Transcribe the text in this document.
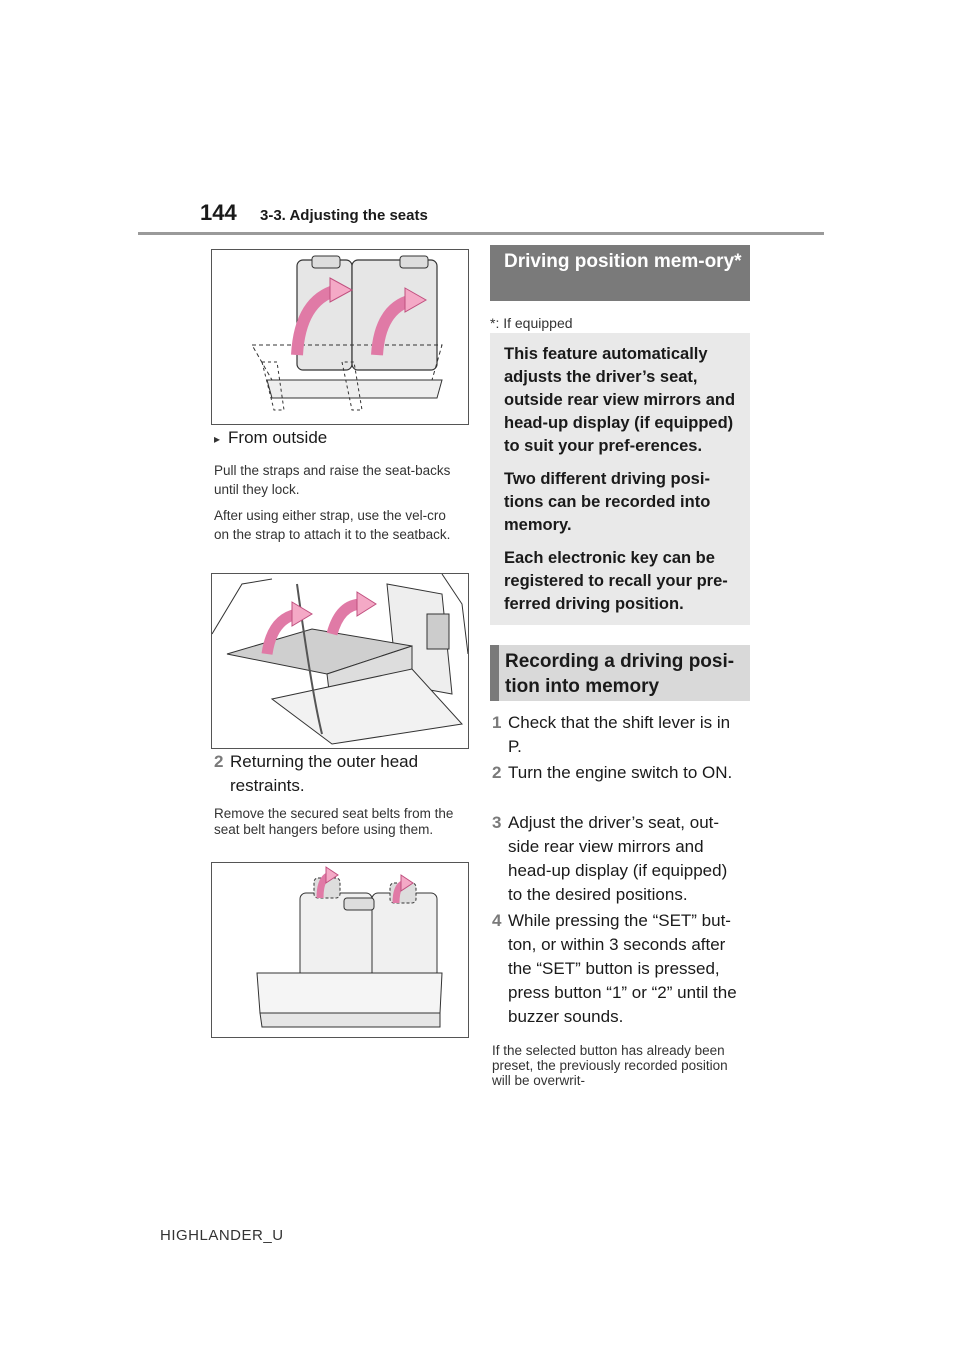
144 3-3. Adjusting the seats
▸ From outside
Pull the straps and raise the seat-backs until they lock.
After using either strap, use the vel-cro on the strap to attach it to the seatback.
2 Returning the outer head restraints.
Remove the secured seat belts from the seat belt hangers before using them.
Driving position mem-ory*
*: If equipped

This feature automatically adjusts the driver’s seat, outside rear view mirrors and head-up display (if equipped) to suit your pref-erences.

Two different driving posi-tions can be recorded into memory.

Each electronic key can be registered to recall your pre-ferred driving position.

Recording a driving posi-tion into memory
1 Check that the shift lever is in P.
2 Turn the engine switch to ON.
3 Adjust the driver’s seat, out-side rear view mirrors and head-up display (if equipped) to the desired positions.
4 While pressing the “SET” but-ton, or within 3 seconds after the “SET” button is pressed, press button “1” or “2” until the buzzer sounds.
If the selected button has already been preset, the previously recorded position will be overwrit-
HIGHLANDER_U
